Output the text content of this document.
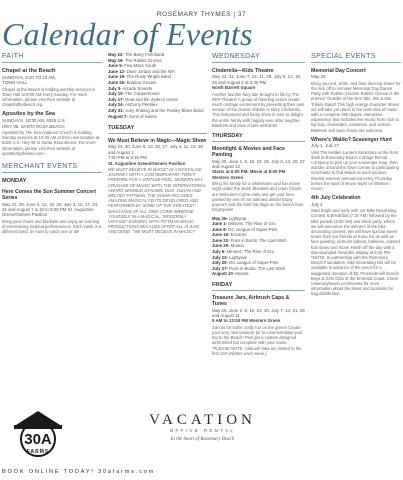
ROSEMARY THYMES | 37
Calendar of Events
FAITH
Chapel at the Beach
SUNDAYS, 8:30 TO 10 AM,
TOWN HALL
Chapel at the Beach is holding worship services in Town Hall at 9:00 AM every Sunday. For more information, please visit their website at chapelatthebeach.org.
Apostles by the Sea
SUNDAYS, 10:30 AM, 6325 U.S.
HWY 98, SANTA ROSA BEACH
Apostles By The Sea Anglican Church is holding Sunday services at 10:30 AM at their new location at 6325 U.S. Hwy 98 in Santa Rosa Beach. For more information, please visit their website at apostlesbythesea.com.
MERCHANT EVENTS
MONDAY
Here Comes the Sun Summer Concert Series
May 22, 29, June 5, 12, 19, 26, July 3, 10, 17, 24, 31 and August 7 & 10 to 8:30 PM St. Augustine Green/Owners Pavilion
Bring your chairs and blankets and enjoy an evening of entertaining musical performances. Each week is a different band, be sure to catch one or all!
May 22- The Barry Fish Band
May 29- The Rubiks Groove
June 5- Few Mass South
June 12- Dave Jordan and the NIA
June 19- The Rusty Wright Band
June 26- Boukou Groove
July 3- Arcade Sounds
July 10- The Copperhones
July 17- Heat and the Zydeco Gents
July 24- Anthony Peebles
July 31- Joey Shaling and the Paisley Blues Band
August 7- Sons of Saints
TUESDAY
We Must Believe in Magic—Magic Show
May 23, 30, June 6, 13, 20, 27, July 4, 11, 18, 25 and August 1
7:00 PM to 8:15 PM
St. Augustine Green/Owners Pavilion
WE MUST BELIEVE IN MAGIC" IS A NOSTALGIC JOURNEY WITH A CONTEMPORARY TWIST! PREPARE FOR A VINTAGE-FEEL, MODERN-DAY CRUSADE OF MAGIC WITH THE INTERNATIONAL AWARD WINNING DYNAMIC DUO, JULIAN AND MELODY PITTMAN. THE SHOW INCLUDES AMAZING MAGICAL FEATS DEVELOPED AND PERFORMED BY SOME OF THE GREATEST MAGICIANS OF ALL TIME! COME IMMERSE YOURSELF IN A MAGICAL, "MODERNLY VINTAGE" EVENING WITH PITTMAN MAGIC PRODUCTIONS BECAUSE AFTER ALL IS SAID AND DONE, "WE MUST BELIEVE IN MAGIC!"
WEDNESDAY
Cinderella—Kids Theatre
May 24, 31, June 7, 14, 21, 28, July 5, 12, 19, 26 and August 2 at 6:30 PM
North Barrett Square
Another favorite fairy tale brought to life by The REP Theatre! A group of traveling actors create much onstage excitement by presenting their own version of the classic children's story Cinderella. This fast-paced and funny show is sure to delight the entire family with happily ever after laughter. Blankets and lawn chairs welcome!
THURSDAY
Moonlight & Movies and Face Painting
May 25, June 1, 8, 15, 22, 29, July 6, 13, 20, 27 and August 10
Starts at 6:00 PM, Movie at 8:00 PM
Western Green
Bring the family for a wholesome and fun movie night under the stars! Blankets and Lawn Chairs are Welcome! Come early and get your face painted by one of our talented artists! Enjoy popcorn and the best hot dogs on the beach from Dogtopolis!
May 25- Lightyear
June 1- Minions: The Rise of Gru
June 8- DC League of Super-Pets
June 15- Encanto
June 22- Puss in Boots: The Last Wish
June 29- Moana
July 6- Minions: The Rise of Gru
July 13- Lightyear
July 20- DC League of Super-Pets
July 27- Puss in Boots: The Last Wish
August 10- Moana
FRIDAY
Treasure Jars, Airbrush Caps & Tunes
May 26, June 2, 9, 16, 23, 30, July 7, 14, 21, 28 and August 11
9 AM to 12:00 PM Western Green
Join us for some crafty fun on the green! Create your very own treasure jar to commemorate your trip to the Beach! Plus get a custom designed airbrushed hat complete with your name. *PLEASE NOTE: Airbrush hats are limited to the first 150 children each week.)
SPECIAL EVENTS
Memorial Day Concert
May 29
Bring you red, white, and blue dancing shoes for the kick off to summer Memorial Day Dance Party with Rubiks Groove! Rubiks Groove is the premier 'Outside of the Box' 80s, 90s & 00s Tribute Band! This high energy character driven act will take you back to the best eras of music with a complete 360 degree interactive experience that includes live music from rock to hip hop, characters, costumes, and videos! Blankets and lawn chairs are welcome.
Where's Waldo? Scavenger Hunt
July 1- July 27
Visit The Hidden Lantern Bookstore at the front desk at Rosemary Beach Cottage Rental Company to pick up your scavenger map, then wander around the Town Center to participating merchants to find Waldo at each location. Weekly winners announced every Thursday before the start of Movie Night on Western Green.
4th July Celebration
July 4
Start bright and early with our Bike Decorating Contest & Breakfast (7:30 AM) followed by the bike parade (8:30 AM) and block party, where we will announce the winners of the bike decorating contest. We will have special sweet treats from our friends at Kona Ice as well as face painting, airbrush tattoos, balloons, colored hair spray and more! Finish off the day with a star-spangled fireworks display at 8:45 PM. *NOTE: In partnership with the Rosemary Beach Foundation, bike decorating kits will be available in advance of the event for a suggested donation of $5. Proceeds will benefit Boys & Girls Club of the Emerald Coast. Check rosemarybeach.com/events for more information about the times and locations for bag distribution.
30A
FARMS
VACATION
OFFICE RENTAL
In the heart of Rosemary Beach
BOOK ONLINE TODAY! 30afarms.com
